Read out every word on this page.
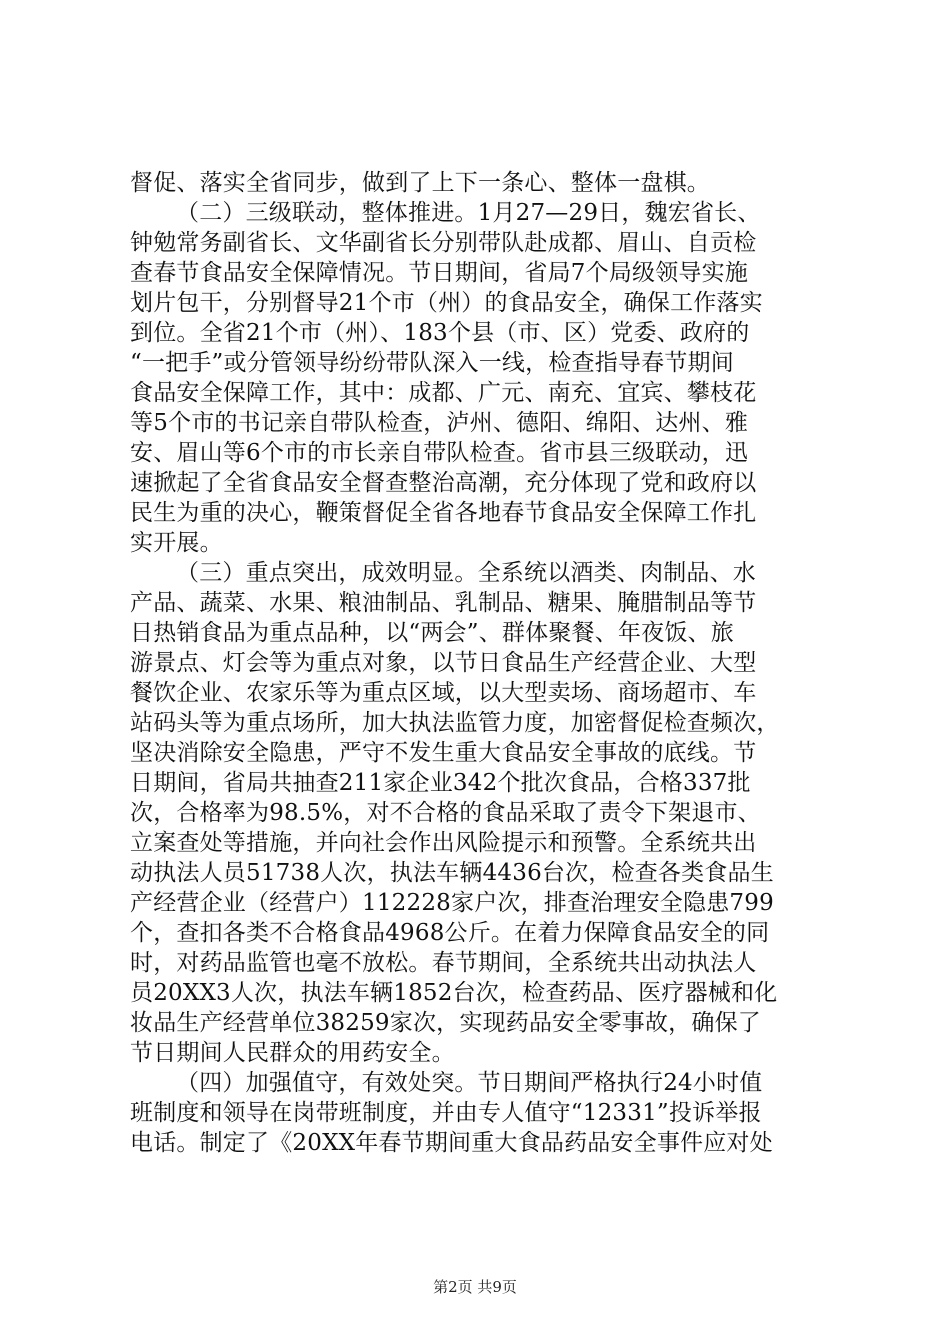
督促、落实全省同步，做到了上下一条心、整体一盘棋。
（二）三级联动，整体推进。1月27—29日，魏宏省长、
钟勉常务副省长、文华副省长分别带队赴成都、眉山、自贡检
查春节食品安全保障情况。节日期间，省局7个局级领导实施
划片包干，分别督导21个市（州）的食品安全，确保工作落实
到位。全省21个市（州）、183个县（市、区）党委、政府的
“一把手”或分管领导纷纷带队深入一线，检查指导春节期间
食品安全保障工作，其中：成都、广元、南充、宜宾、攀枝花
等5个市的书记亲自带队检查，泸州、德阳、绵阳、达州、雅
安、眉山等6个市的市长亲自带队检查。省市县三级联动，迅
速掀起了全省食品安全督查整治高潮，充分体现了党和政府以
民生为重的决心，鞭策督促全省各地春节食品安全保障工作扎
实开展。
（三）重点突出，成效明显。全系统以酒类、肉制品、水
产品、蔬菜、水果、粮油制品、乳制品、糖果、腌腊制品等节
日热销食品为重点品种，以“两会”、群体聚餐、年夜饭、旅
游景点、灯会等为重点对象，以节日食品生产经营企业、大型
餐饮企业、农家乐等为重点区域，以大型卖场、商场超市、车
站码头等为重点场所，加大执法监管力度，加密督促检查频次，
坚决消除安全隐患，严守不发生重大食品安全事故的底线。节
日期间，省局共抽查211家企业342个批次食品，合格337批
次，合格率为98.5%，对不合格的食品采取了责令下架退市、
立案查处等措施，并向社会作出风险提示和预警。全系统共出
动执法人员51738人次，执法车辆4436台次，检查各类食品生
产经营企业（经营户）112228家户次，排查治理安全隐患799
个，查扣各类不合格食品4968公斤。在着力保障食品安全的同
时，对药品监管也毫不放松。春节期间，全系统共出动执法人
员20XX3人次，执法车辆1852台次，检查药品、医疗器械和化
妆品生产经营单位38259家次，实现药品安全零事故，确保了
节日期间人民群众的用药安全。
（四）加强值守，有效处突。节日期间严格执行24小时值
班制度和领导在岗带班制度，并由专人值守“12331”投诉举报
电话。制定了《20XX年春节期间重大食品药品安全事件应对处
第2页 共9页
